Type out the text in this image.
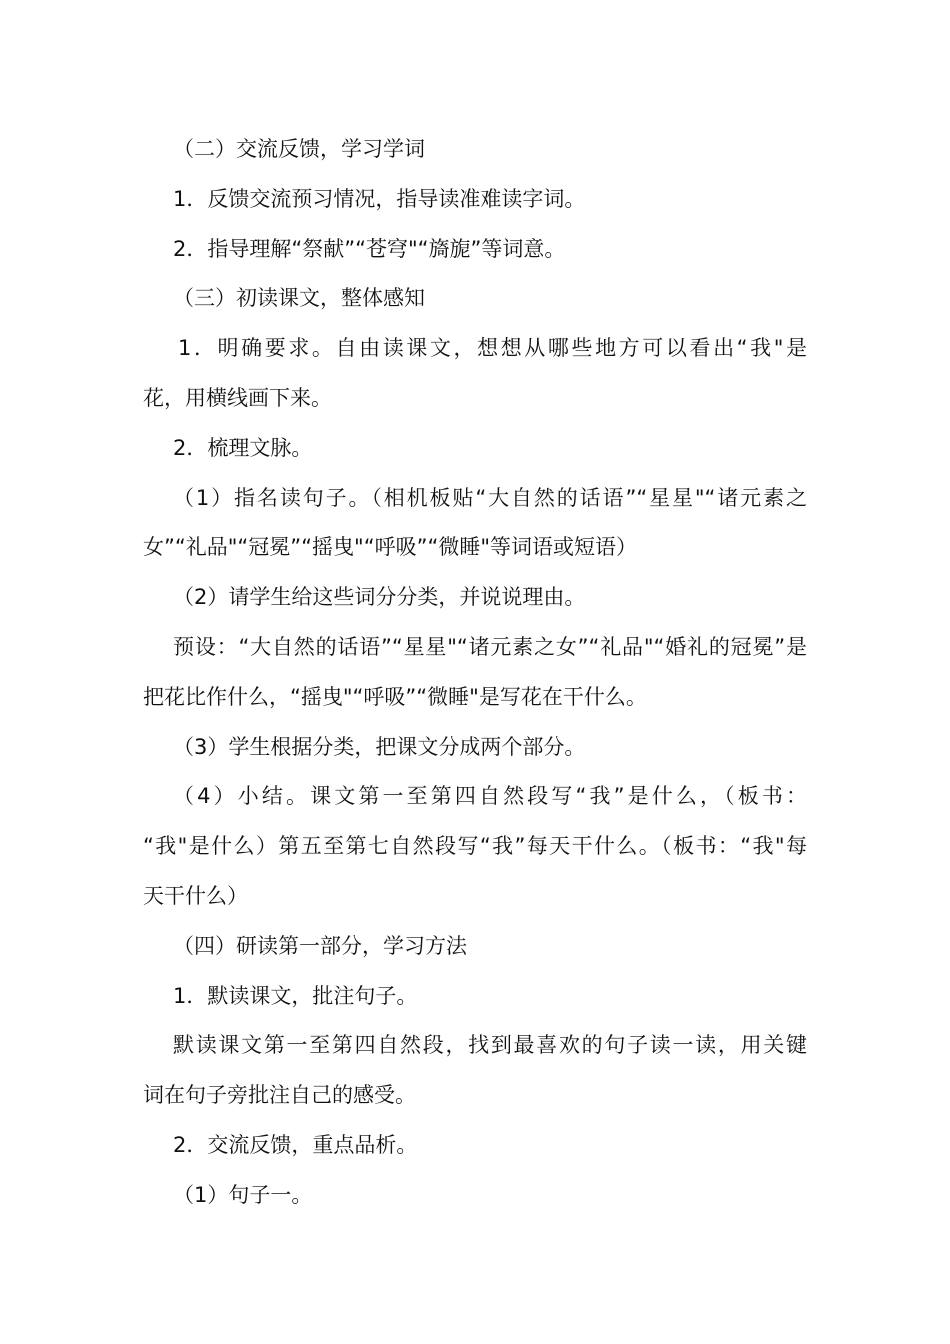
（二）交流反馈，学习学词
1．反馈交流预习情况，指导读准难读字词。
2．指导理解“祭献”“苍穹"“旖旎”等词意。
（三）初读课文，整体感知
1．明确要求。自由读课文，想想从哪些地方可以看出“我"是
花，用横线画下来。
2．梳理文脉。
（1）指名读句子。（相机板贴“大自然的话语”“星星"“诸元素之
女”“礼品"“冠冕”“摇曳"“呼吸”“微睡"等词语或短语）
（2）请学生给这些词分分类，并说说理由。
预设：“大自然的话语”“星星"“诸元素之女”“礼品"“婚礼的冠冕”是
把花比作什么，“摇曳"“呼吸”“微睡"是写花在干什么。
（3）学生根据分类，把课文分成两个部分。
（4）小结。课文第一至第四自然段写“我”是什么，（板书：
“我"是什么）第五至第七自然段写“我”每天干什么。（板书：“我"每
天干什么）
（四）研读第一部分，学习方法
1．默读课文，批注句子。
默读课文第一至第四自然段，找到最喜欢的句子读一读，用关键
词在句子旁批注自己的感受。
2．交流反馈，重点品析。
（1）句子一。
